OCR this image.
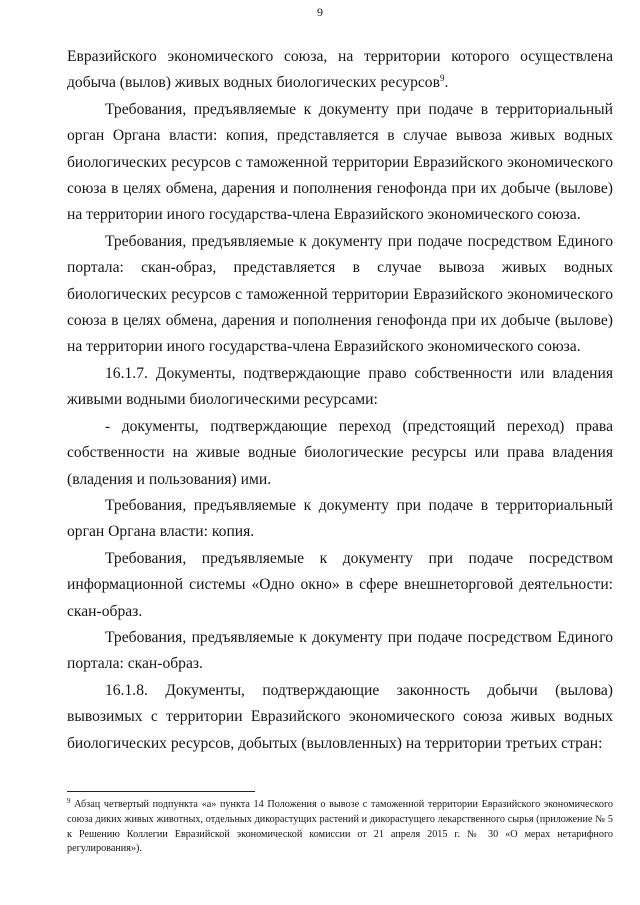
9

Евразийского экономического союза, на территории которого осуществлена добыча (вылов) живых водных биологических ресурсов$^9$.

Требования, предъявляемые к документу при подаче в территориальный орган Органа власти: копия, представляется в случае вывоза живых водных биологических ресурсов с таможенной территории Евразийского экономического союза в целях обмена, дарения и пополнения генофонда при их добыче (вылове) на территории иного государства-члена Евразийского экономического союза.

Требования, предъявляемые к документу при подаче посредством Единого портала: скан-образ, представляется в случае вывоза живых водных биологических ресурсов с таможенной территории Евразийского экономического союза в целях обмена, дарения и пополнения генофонда при их добыче (вылове) на территории иного государства-члена Евразийского экономического союза.

16.1.7. Документы, подтверждающие право собственности или владения живыми водными биологическими ресурсами:

- документы, подтверждающие переход (предстоящий переход) права собственности на живые водные биологические ресурсы или права владения (владения и пользования) ими.

Требования, предъявляемые к документу при подаче в территориальный орган Органа власти: копия.

Требования, предъявляемые к документу при подаче посредством информационной системы «Одно окно» в сфере внешнеторговой деятельности: скан-образ.

Требования, предъявляемые к документу при подаче посредством Единого портала: скан-образ.

16.1.8. Документы, подтверждающие законность добычи (вылова) вывозимых с территории Евразийского экономического союза живых водных биологических ресурсов, добытых (выловленных) на территории третьих стран:

$^9$ Абзац четвертый подпункта «а» пункта 14 Положения о вывозе с таможенной территории Евразийского экономического союза диких живых животных, отдельных дикорастущих растений и дикорастущего лекарственного сырья (приложение № 5 к Решению Коллегии Евразийской экономической комиссии от 21 апреля 2015 г. № 30 «О мерах нетарифного регулирования»).
